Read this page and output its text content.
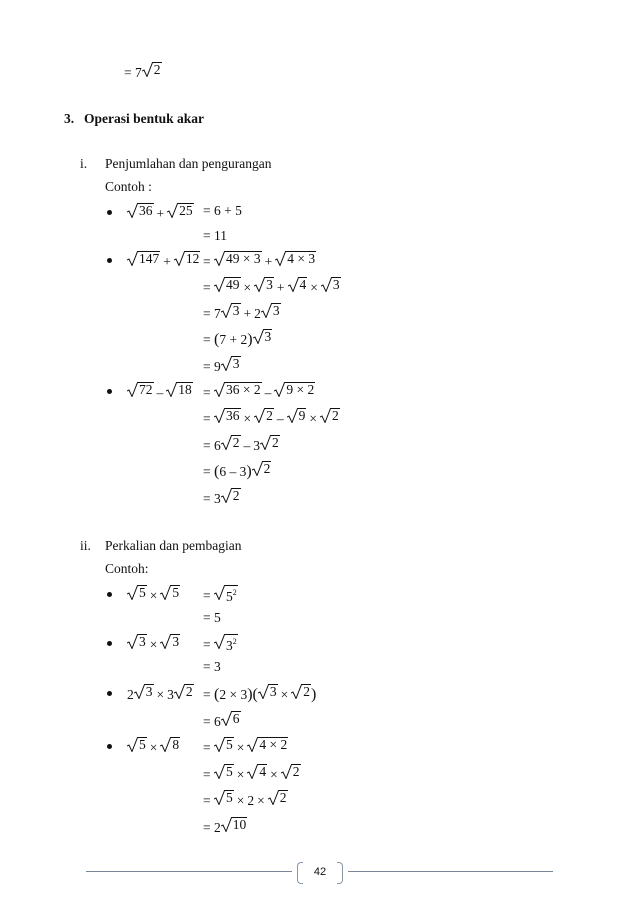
= 7 2
3. Operasi bentuk akar
i. Penjumlahan dan pengurangan
Contoh :
36 + 25 = 6 + 5
= 11
147 + 12 = 49 × 3 + 4 × 3
= 49 × 3 + 4 × 3
= 7 3 + 2 3
= (7 + 2) 3
= 9 3
72 – 18 = 36 × 2 – 9 × 2
= 36 × 2 – 9 × 2
= 6 2 – 3 2
= (6 – 3) 2
= 3 2
ii. Perkalian dan pembagian
Contoh:
$5 \times 5 = 5^2$
= 5
$3 \times 3 = 3^2$
= 3
2 3 × 3 2 = (2 × 3)( 3 × 2 )
= 6 6
5 × 8 = 5 × 4 × 2
= 5 × 4 × 2
= 5 × 2 × 2
= 2 10
42
